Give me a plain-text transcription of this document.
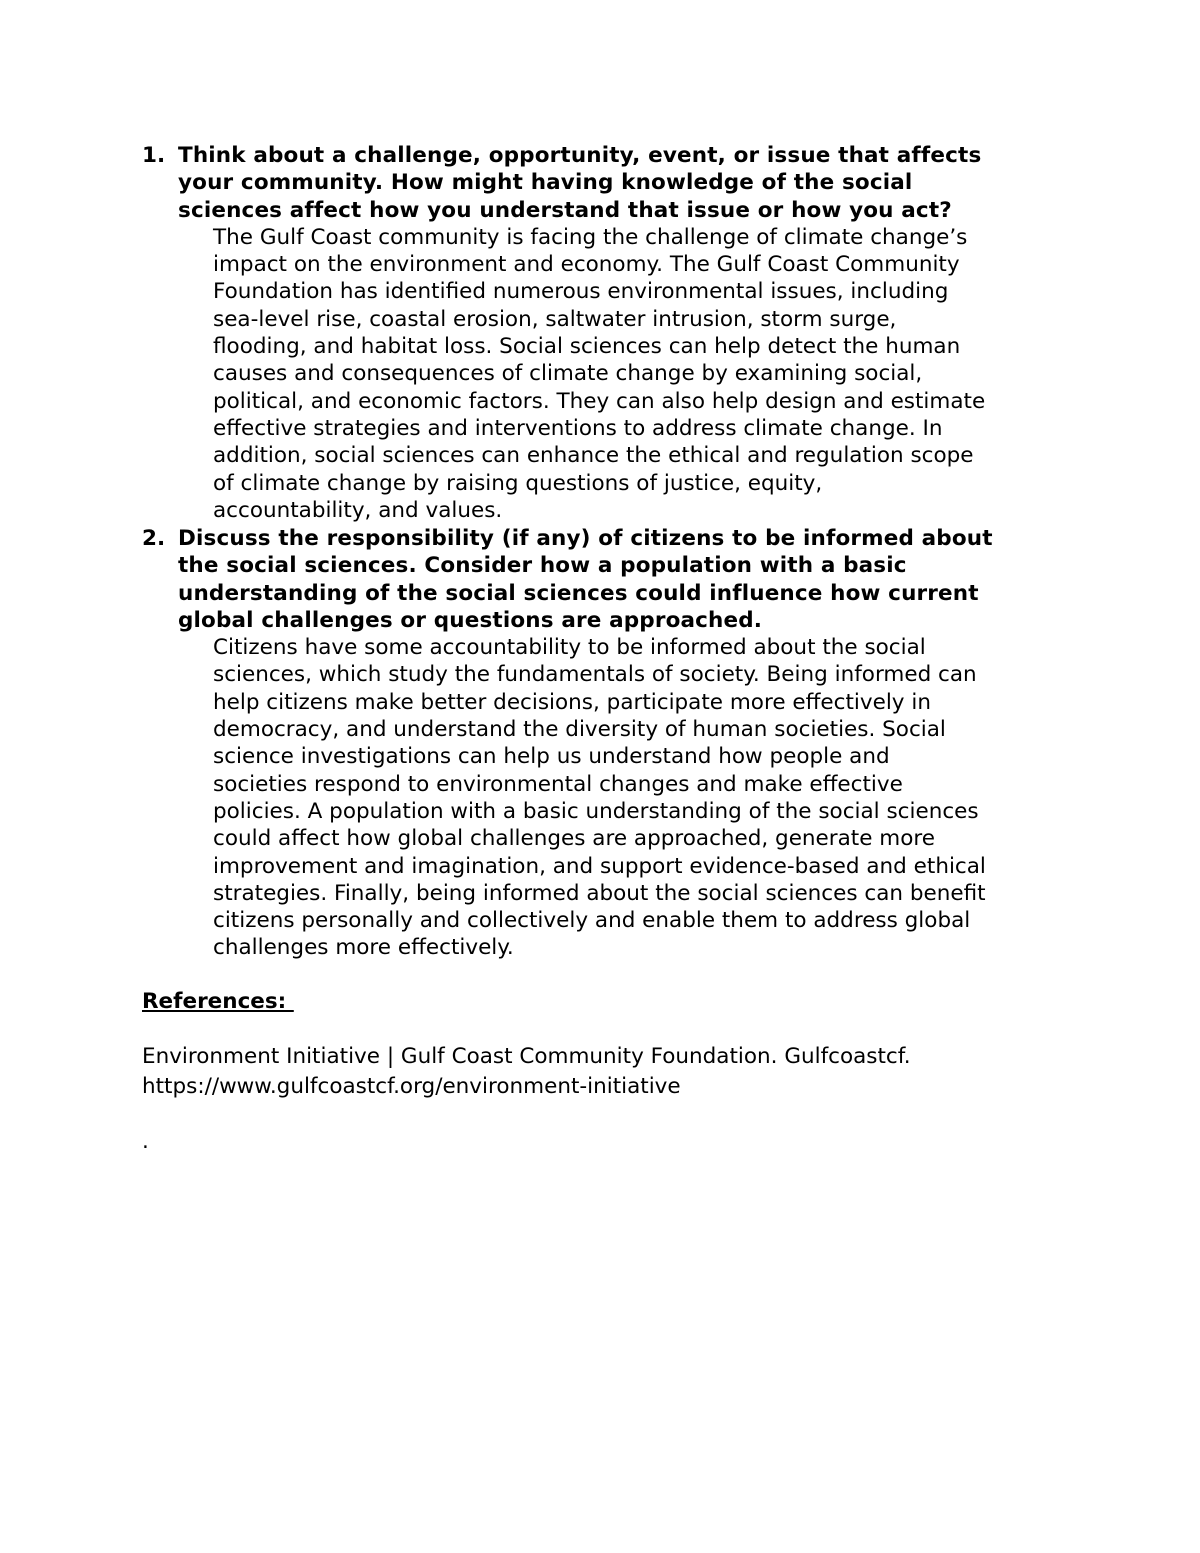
1. Think about a challenge, opportunity, event, or issue that affects
your community. How might having knowledge of the social
sciences affect how you understand that issue or how you act?
The Gulf Coast community is facing the challenge of climate change’s
impact on the environment and economy. The Gulf Coast Community
Foundation has identified numerous environmental issues, including
sea-level rise, coastal erosion, saltwater intrusion, storm surge,
flooding, and habitat loss. Social sciences can help detect the human
causes and consequences of climate change by examining social,
political, and economic factors. They can also help design and estimate
effective strategies and interventions to address climate change. In
addition, social sciences can enhance the ethical and regulation scope
of climate change by raising questions of justice, equity,
accountability, and values.
2. Discuss the responsibility (if any) of citizens to be informed about
the social sciences. Consider how a population with a basic
understanding of the social sciences could influence how current
global challenges or questions are approached.
Citizens have some accountability to be informed about the social
sciences, which study the fundamentals of society. Being informed can
help citizens make better decisions, participate more effectively in
democracy, and understand the diversity of human societies. Social
science investigations can help us understand how people and
societies respond to environmental changes and make effective
policies. A population with a basic understanding of the social sciences
could affect how global challenges are approached, generate more
improvement and imagination, and support evidence-based and ethical
strategies. Finally, being informed about the social sciences can benefit
citizens personally and collectively and enable them to address global
challenges more effectively.
References:
Environment Initiative | Gulf Coast Community Foundation. Gulfcoastcf.
https://www.gulfcoastcf.org/environment-initiative
.
